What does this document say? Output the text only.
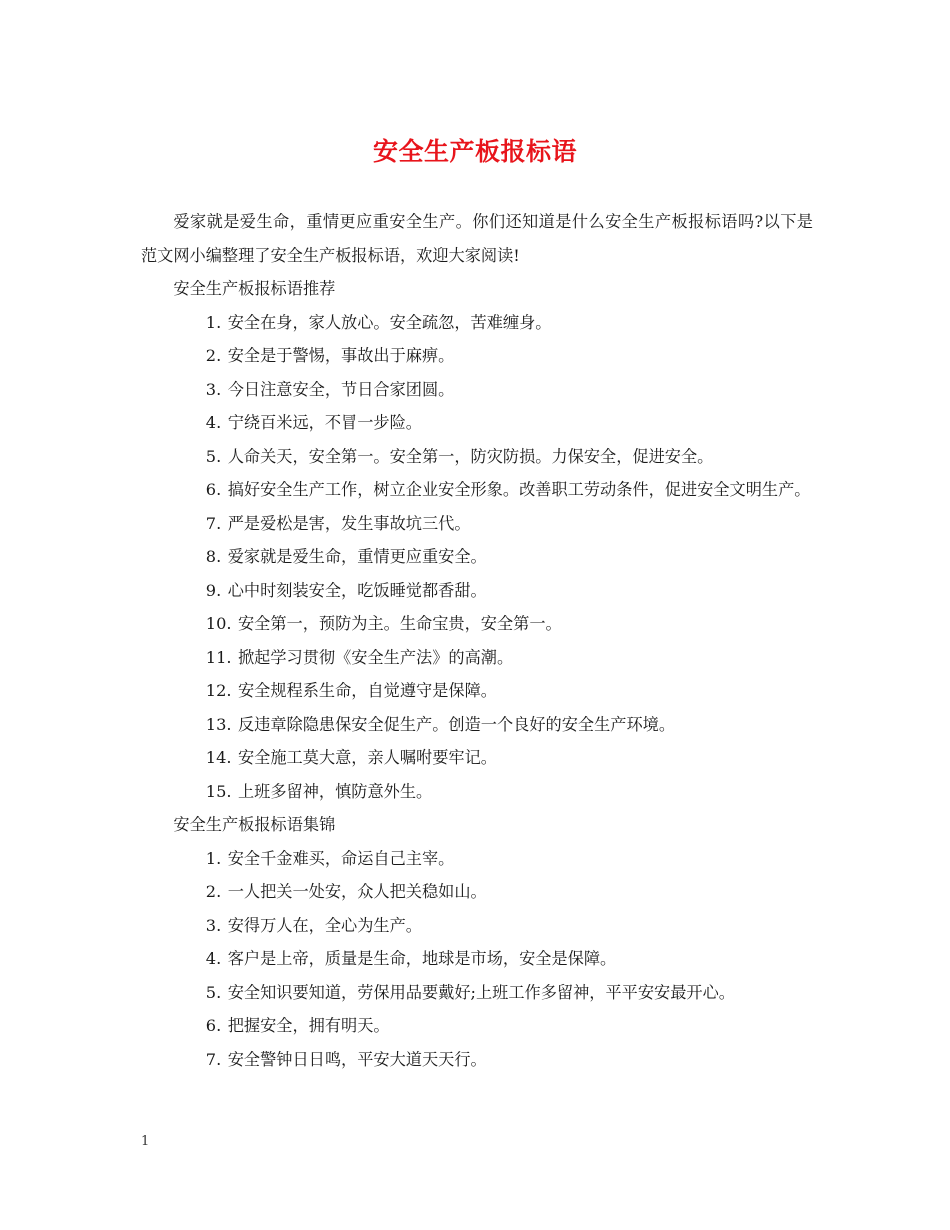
安全生产板报标语

爱家就是爱生命，重情更应重安全生产。你们还知道是什么安全生产板报标语吗?以下是范文网小编整理了安全生产板报标语，欢迎大家阅读!

安全生产板报标语推荐

1. 安全在身，家人放心。安全疏忽，苦难缠身。

2. 安全是于警惕，事故出于麻痹。

3. 今日注意安全，节日合家团圆。

4. 宁绕百米远，不冒一步险。

5. 人命关天，安全第一。安全第一，防灾防损。力保安全，促进安全。

6. 搞好安全生产工作，树立企业安全形象。改善职工劳动条件，促进安全文明生产。

7. 严是爱松是害，发生事故坑三代。

8. 爱家就是爱生命，重情更应重安全。

9. 心中时刻装安全，吃饭睡觉都香甜。

10. 安全第一，预防为主。生命宝贵，安全第一。

11. 掀起学习贯彻《安全生产法》的高潮。

12. 安全规程系生命，自觉遵守是保障。

13. 反违章除隐患保安全促生产。创造一个良好的安全生产环境。

14. 安全施工莫大意，亲人嘱咐要牢记。

15. 上班多留神，慎防意外生。

安全生产板报标语集锦

1. 安全千金难买，命运自己主宰。

2. 一人把关一处安，众人把关稳如山。

3. 安得万人在，全心为生产。

4. 客户是上帝，质量是生命，地球是市场，安全是保障。

5. 安全知识要知道，劳保用品要戴好;上班工作多留神，平平安安最开心。

6. 把握安全，拥有明天。

7. 安全警钟日日鸣，平安大道天天行。

1
